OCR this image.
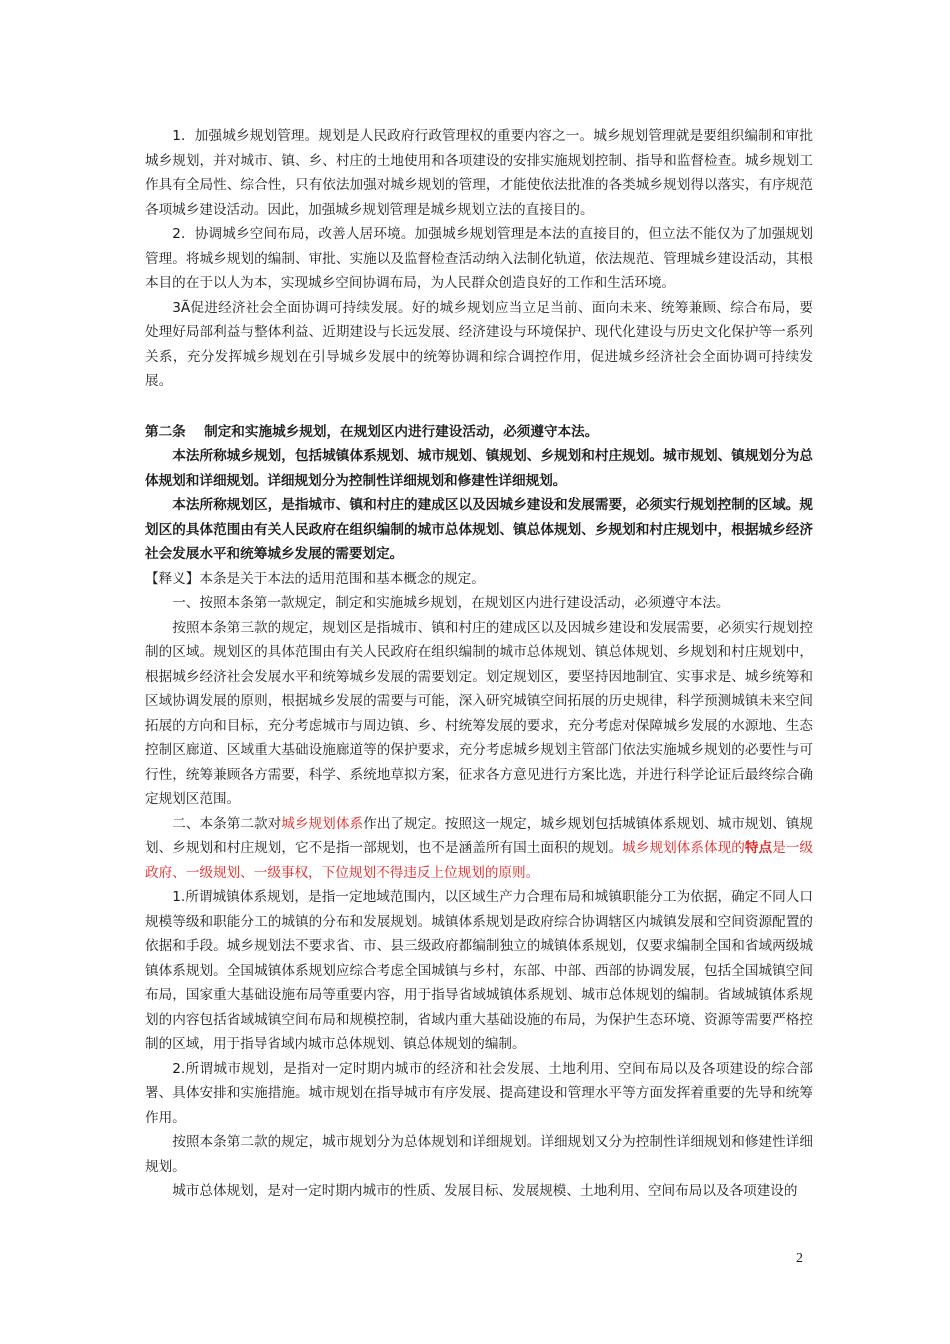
1．加强城乡规划管理。规划是人民政府行政管理权的重要内容之一。城乡规划管理就是要组织编制和审批城乡规划，并对城市、镇、乡、村庄的土地使用和各项建设的安排实施规划控制、指导和监督检查。城乡规划工作具有全局性、综合性，只有依法加强对城乡规划的管理，才能使依法批准的各类城乡规划得以落实，有序规范各项城乡建设活动。因此，加强城乡规划管理是城乡规划立法的直接目的。

2．协调城乡空间布局，改善人居环境。加强城乡规划管理是本法的直接目的，但立法不能仅为了加强规划管理。将城乡规划的编制、审批、实施以及监督检查活动纳入法制化轨道，依法规范、管理城乡建设活动，其根本目的在于以人为本，实现城乡空间协调布局，为人民群众创造良好的工作和生活环境。

3Ã促进经济社会全面协调可持续发展。好的城乡规划应当立足当前、面向未来、统筹兼顾、综合布局，要处理好局部利益与整体利益、近期建设与长远发展、经济建设与环境保护、现代化建设与历史文化保护等一系列关系，充分发挥城乡规划在引导城乡发展中的统筹协调和综合调控作用，促进城乡经济社会全面协调可持续发展。

第二条　 制定和实施城乡规划，在规划区内进行建设活动，必须遵守本法。

本法所称城乡规划，包括城镇体系规划、城市规划、镇规划、乡规划和村庄规划。城市规划、镇规划分为总体规划和详细规划。详细规划分为控制性详细规划和修建性详细规划。

本法所称规划区，是指城市、镇和村庄的建成区以及因城乡建设和发展需要，必须实行规划控制的区域。规划区的具体范围由有关人民政府在组织编制的城市总体规划、镇总体规划、乡规划和村庄规划中，根据城乡经济社会发展水平和统筹城乡发展的需要划定。

【释义】本条是关于本法的适用范围和基本概念的规定。

一、按照本条第一款规定，制定和实施城乡规划，在规划区内进行建设活动，必须遵守本法。

按照本条第三款的规定，规划区是指城市、镇和村庄的建成区以及因城乡建设和发展需要，必须实行规划控制的区域。规划区的具体范围由有关人民政府在组织编制的城市总体规划、镇总体规划、乡规划和村庄规划中，根据城乡经济社会发展水平和统筹城乡发展的需要划定。划定规划区，要坚持因地制宜、实事求是、城乡统筹和区域协调发展的原则，根据城乡发展的需要与可能，深入研究城镇空间拓展的历史规律，科学预测城镇未来空间拓展的方向和目标，充分考虑城市与周边镇、乡、村统筹发展的要求，充分考虑对保障城乡发展的水源地、生态控制区廊道、区域重大基础设施廊道等的保护要求，充分考虑城乡规划主管部门依法实施城乡规划的必要性与可行性，统筹兼顾各方需要，科学、系统地草拟方案，征求各方意见进行方案比选，并进行科学论证后最终综合确定规划区范围。

二、本条第二款对城乡规划体系作出了规定。按照这一规定，城乡规划包括城镇体系规划、城市规划、镇规划、乡规划和村庄规划，它不是指一部规划，也不是涵盖所有国土面积的规划。城乡规划体系体现的特点是一级政府、一级规划、一级事权，下位规划不得违反上位规划的原则。

1.所谓城镇体系规划，是指一定地域范围内，以区域生产力合理布局和城镇职能分工为依据，确定不同人口规模等级和职能分工的城镇的分布和发展规划。城镇体系规划是政府综合协调辖区内城镇发展和空间资源配置的依据和手段。城乡规划法不要求省、市、县三级政府都编制独立的城镇体系规划，仅要求编制全国和省域两级城镇体系规划。全国城镇体系规划应综合考虑全国城镇与乡村，东部、中部、西部的协调发展，包括全国城镇空间布局，国家重大基础设施布局等重要内容，用于指导省域城镇体系规划、城市总体规划的编制。省域城镇体系规划的内容包括省域城镇空间布局和规模控制，省域内重大基础设施的布局，为保护生态环境、资源等需要严格控制的区域，用于指导省域内城市总体规划、镇总体规划的编制。

2.所谓城市规划，是指对一定时期内城市的经济和社会发展、土地利用、空间布局以及各项建设的综合部署、具体安排和实施措施。城市规划在指导城市有序发展、提高建设和管理水平等方面发挥着重要的先导和统筹作用。

按照本条第二款的规定，城市规划分为总体规划和详细规划。详细规划又分为控制性详细规划和修建性详细规划。

城市总体规划，是对一定时期内城市的性质、发展目标、发展规模、土地利用、空间布局以及各项建设的

2
